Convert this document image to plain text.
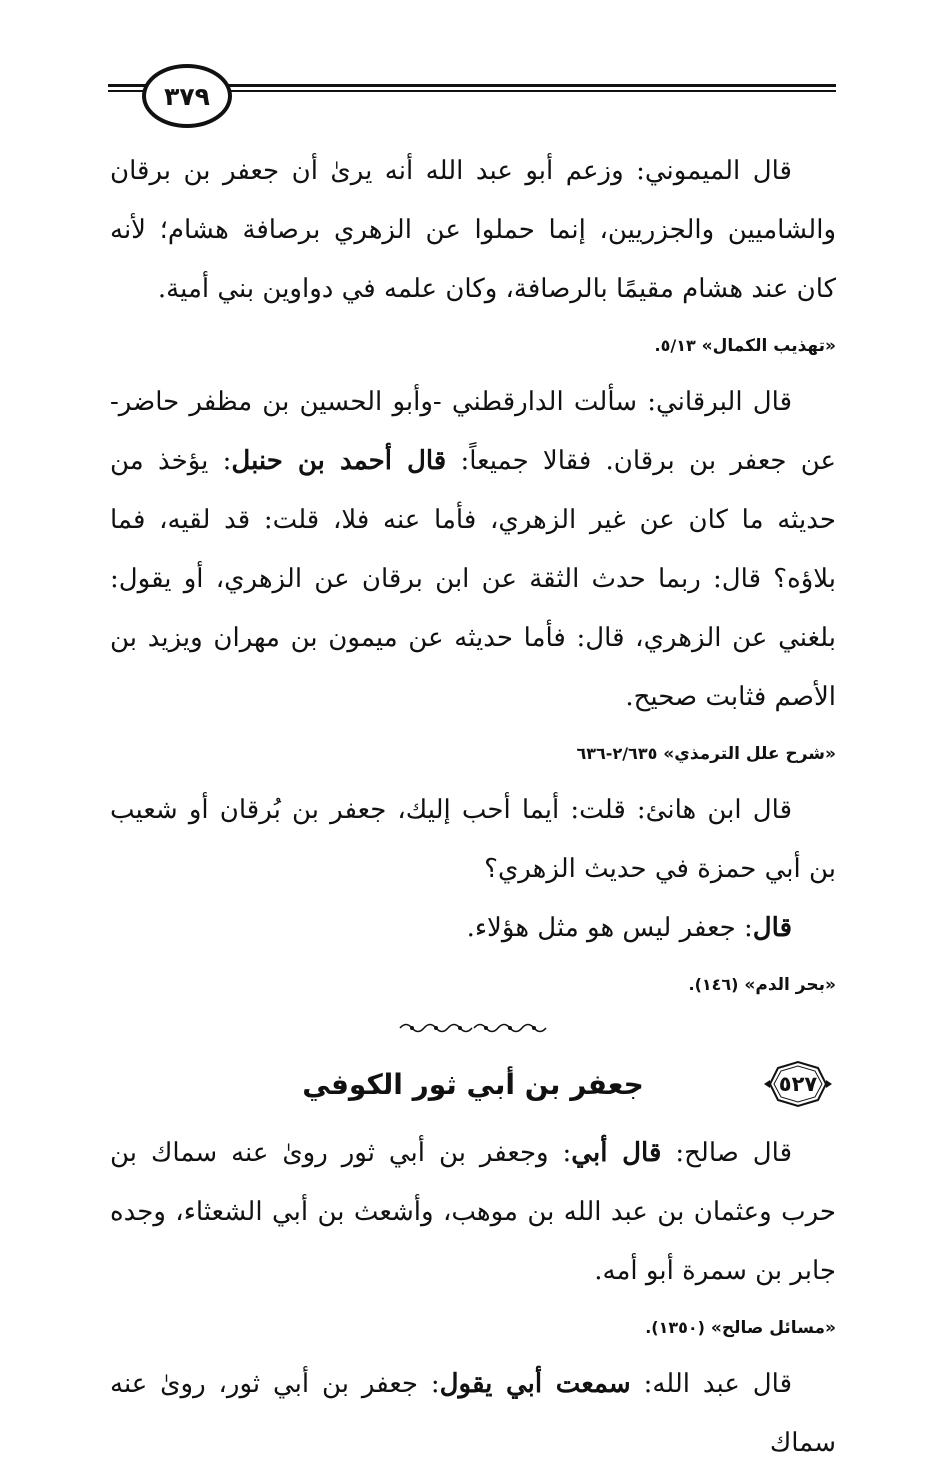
٣٧٩

قال الميموني: وزعم أبو عبد الله أنه يرىٰ أن جعفر بن برقان والشاميين والجزريين، إنما حملوا عن الزهري برصافة هشام؛ لأنه كان عند هشام مقيمًا بالرصافة، وكان علمه في دواوين بني أمية.

«تهذيب الكمال» ٥/١٣.

قال البرقاني: سألت الدارقطني -وأبو الحسين بن مظفر حاضر- عن جعفر بن برقان. فقالا جميعاً: قال أحمد بن حنبل: يؤخذ من حديثه ما كان عن غير الزهري، فأما عنه فلا، قلت: قد لقيه، فما بلاؤه؟ قال: ربما حدث الثقة عن ابن برقان عن الزهري، أو يقول: بلغني عن الزهري، قال: فأما حديثه عن ميمون بن مهران ويزيد بن الأصم فثابت صحيح.

«شرح علل الترمذي» ٢/٦٣٥-٦٣٦

قال ابن هانئ: قلت: أيما أحب إليك، جعفر بن بُرقان أو شعيب بن أبي حمزة في حديث الزهري؟

قال: جعفر ليس هو مثل هؤلاء.

«بحر الدم» (١٤٦).
٥٢٧

جعفر بن أبي ثور الكوفي

قال صالح: قال أبي: وجعفر بن أبي ثور روىٰ عنه سماك بن حرب وعثمان بن عبد الله بن موهب، وأشعث بن أبي الشعثاء، وجده جابر بن سمرة أبو أمه.

«مسائل صالح» (١٣٥٠).

قال عبد الله: سمعت أبي يقول: جعفر بن أبي ثور، روىٰ عنه سماك
